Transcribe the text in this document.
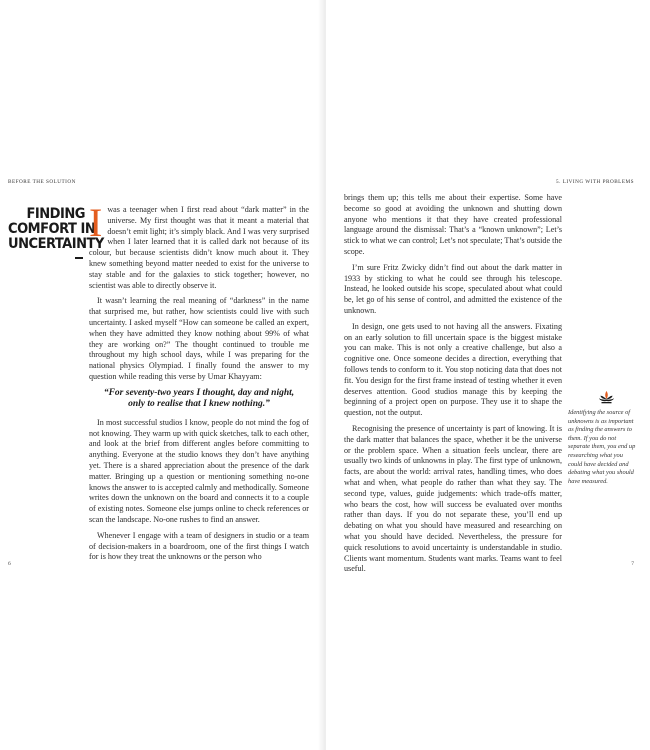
BEFORE THE SOLUTION
FINDING
COMFORT IN
UNCERTAINTY

Iwas a teenager when I first read about “dark matter” in the universe. My first thought was that it meant a material that doesn’t emit light; it’s simply black. And I was very surprised when I later learned that it is called dark not because of its colour, but because scientists didn’t know much about it. They knew something beyond matter needed to exist for the universe to stay stable and for the galaxies to stick together; however, no scientist was able to directly observe it.

It wasn’t learning the real meaning of “darkness” in the name that surprised me, but rather, how scientists could live with such uncertainty. I asked myself “How can someone be called an expert, when they have admitted they know nothing about 99% of what they are working on?” The thought continued to trouble me throughout my high school days, while I was preparing for the national physics Olympiad. I finally found the answer to my question while reading this verse by Umar Khayyam:

“For seventy-two years I thought, day and night, only to realise that I knew nothing.”

In most successful studios I know, people do not mind the fog of not knowing. They warm up with quick sketches, talk to each other, and look at the brief from different angles before committing to anything. Everyone at the studio knows they don’t have anything yet. There is a shared appreciation about the presence of the dark matter. Bringing up a question or mentioning something no-one knows the answer to is accepted calmly and methodically. Someone writes down the unknown on the board and connects it to a couple of existing notes. Someone else jumps online to check references or scan the landscape. No-one rushes to find an answer.

Whenever I engage with a team of designers in studio or a team of decision-makers in a boardroom, one of the first things I watch for is how they treat the unknowns or the person who

6
5. LIVING WITH PROBLEMS

brings them up; this tells me about their expertise. Some have become so good at avoiding the unknown and shutting down anyone who mentions it that they have created professional language around the dismissal: That’s a “known unknown”; Let’s stick to what we can control; Let’s not speculate; That’s outside the scope.

I’m sure Fritz Zwicky didn’t find out about the dark matter in 1933 by sticking to what he could see through his telescope. Instead, he looked outside his scope, speculated about what could be, let go of his sense of control, and admitted the existence of the unknown.

In design, one gets used to not having all the answers. Fixating on an early solution to fill uncertain space is the biggest mistake you can make. This is not only a creative challenge, but also a cognitive one. Once someone decides a direction, everything that follows tends to conform to it. You stop noticing data that does not fit. You design for the first frame instead of testing whether it even deserves attention. Good studios manage this by keeping the beginning of a project open on purpose. They use it to shape the question, not the output.

Recognising the presence of uncertainty is part of knowing. It is the dark matter that balances the space, whether it be the universe or the problem space. When a situation feels unclear, there are usually two kinds of unknowns in play. The first type of unknown, facts, are about the world: arrival rates, handling times, who does what and when, what people do rather than what they say. The second type, values, guide judgements: which trade-offs matter, who bears the cost, how will success be evaluated over months rather than days. If you do not separate these, you’ll end up debating on what you should have measured and researching on what you should have decided. Nevertheless, the pressure for quick resolutions to avoid uncertainty is understandable in studio. Clients want momentum. Students want marks. Teams want to feel useful.

Identifying the source of unknowns is as important as finding the answers to them. If you do not separate them, you end up researching what you could have decided and debating what you should have measured.
7
